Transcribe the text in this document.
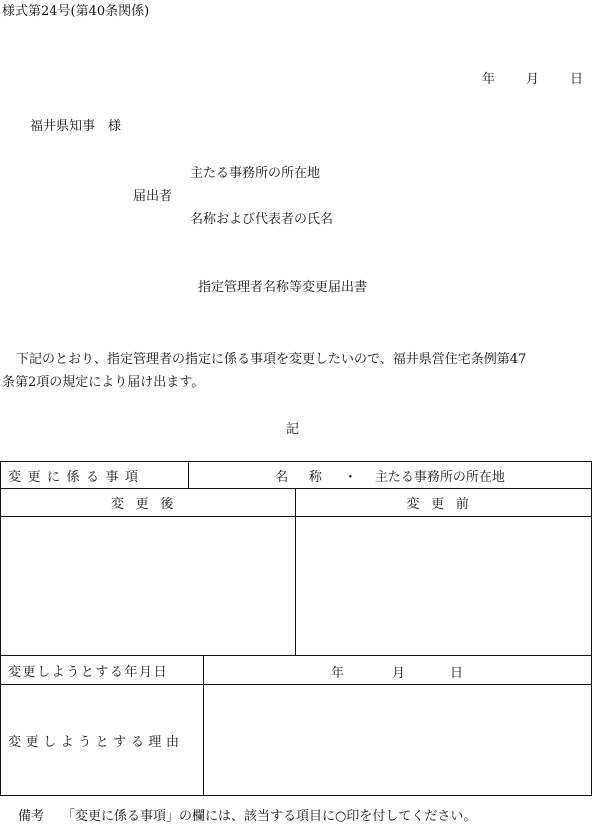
様式第24号(第40条関係)
年 月 日
福井県知事　様
主たる事務所の所在地
届出者
名称および代表者の氏名
指定管理者名称等変更届出書
下記のとおり、指定管理者の指定に係る事項を変更したいので、福井県営住宅条例第47
条第2項の規定により届け出ます。
記
変更に係る事項	名　称 ・ 主たる事務所の所在地
変更後	変更前
変更しようとする年月日	年	月	日
変更しようとする理由
備考 「変更に係る事項」の欄には、該当する項目に○印を付してください。
